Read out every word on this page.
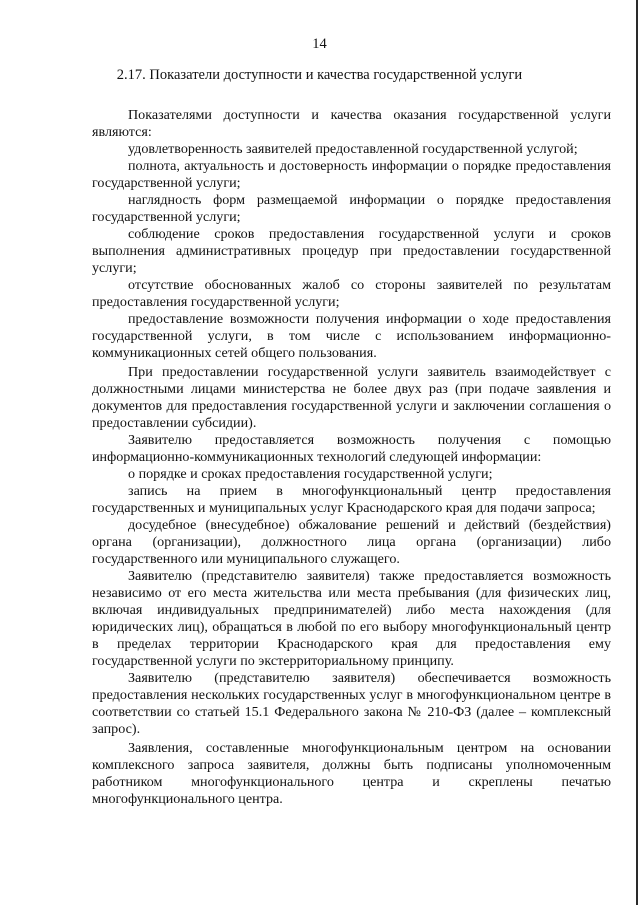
14
2.17. Показатели доступности и качества государственной услуги

Показателями доступности и качества оказания государственной услуги являются:

удовлетворенность заявителей предоставленной государственной услугой;

полнота, актуальность и достоверность информации о порядке предоставления государственной услуги;

наглядность форм размещаемой информации о порядке предоставления государственной услуги;

соблюдение сроков предоставления государственной услуги и сроков выполнения административных процедур при предоставлении государственной услуги;

отсутствие обоснованных жалоб со стороны заявителей по результатам предоставления государственной услуги;

предоставление возможности получения информации о ходе предоставления государственной услуги, в том числе с использованием информационно-коммуникационных сетей общего пользования.

При предоставлении государственной услуги заявитель взаимодействует с должностными лицами министерства не более двух раз (при подаче заявления и документов для предоставления государственной услуги и заключении соглашения о предоставлении субсидии).

Заявителю предоставляется возможность получения с помощью информационно-коммуникационных технологий следующей информации:

о порядке и сроках предоставления государственной услуги;

запись на прием в многофункциональный центр предоставления государственных и муниципальных услуг Краснодарского края для подачи запроса;

досудебное (внесудебное) обжалование решений и действий (бездействия) органа (организации), должностного лица органа (организации) либо государственного или муниципального служащего.

Заявителю (представителю заявителя) также предоставляется возможность независимо от его места жительства или места пребывания (для физических лиц, включая индивидуальных предпринимателей) либо места нахождения (для юридических лиц), обращаться в любой по его выбору многофункциональный центр в пределах территории Краснодарского края для предоставления ему государственной услуги по экстерриториальному принципу.

Заявителю (представителю заявителя) обеспечивается возможность предоставления нескольких государственных услуг в многофункциональном центре в соответствии со статьей 15.1 Федерального закона № 210-ФЗ (далее – комплексный запрос).

Заявления, составленные многофункциональным центром на основании комплексного запроса заявителя, должны быть подписаны уполномоченным работником многофункционального центра и скреплены печатью многофункционального центра.
